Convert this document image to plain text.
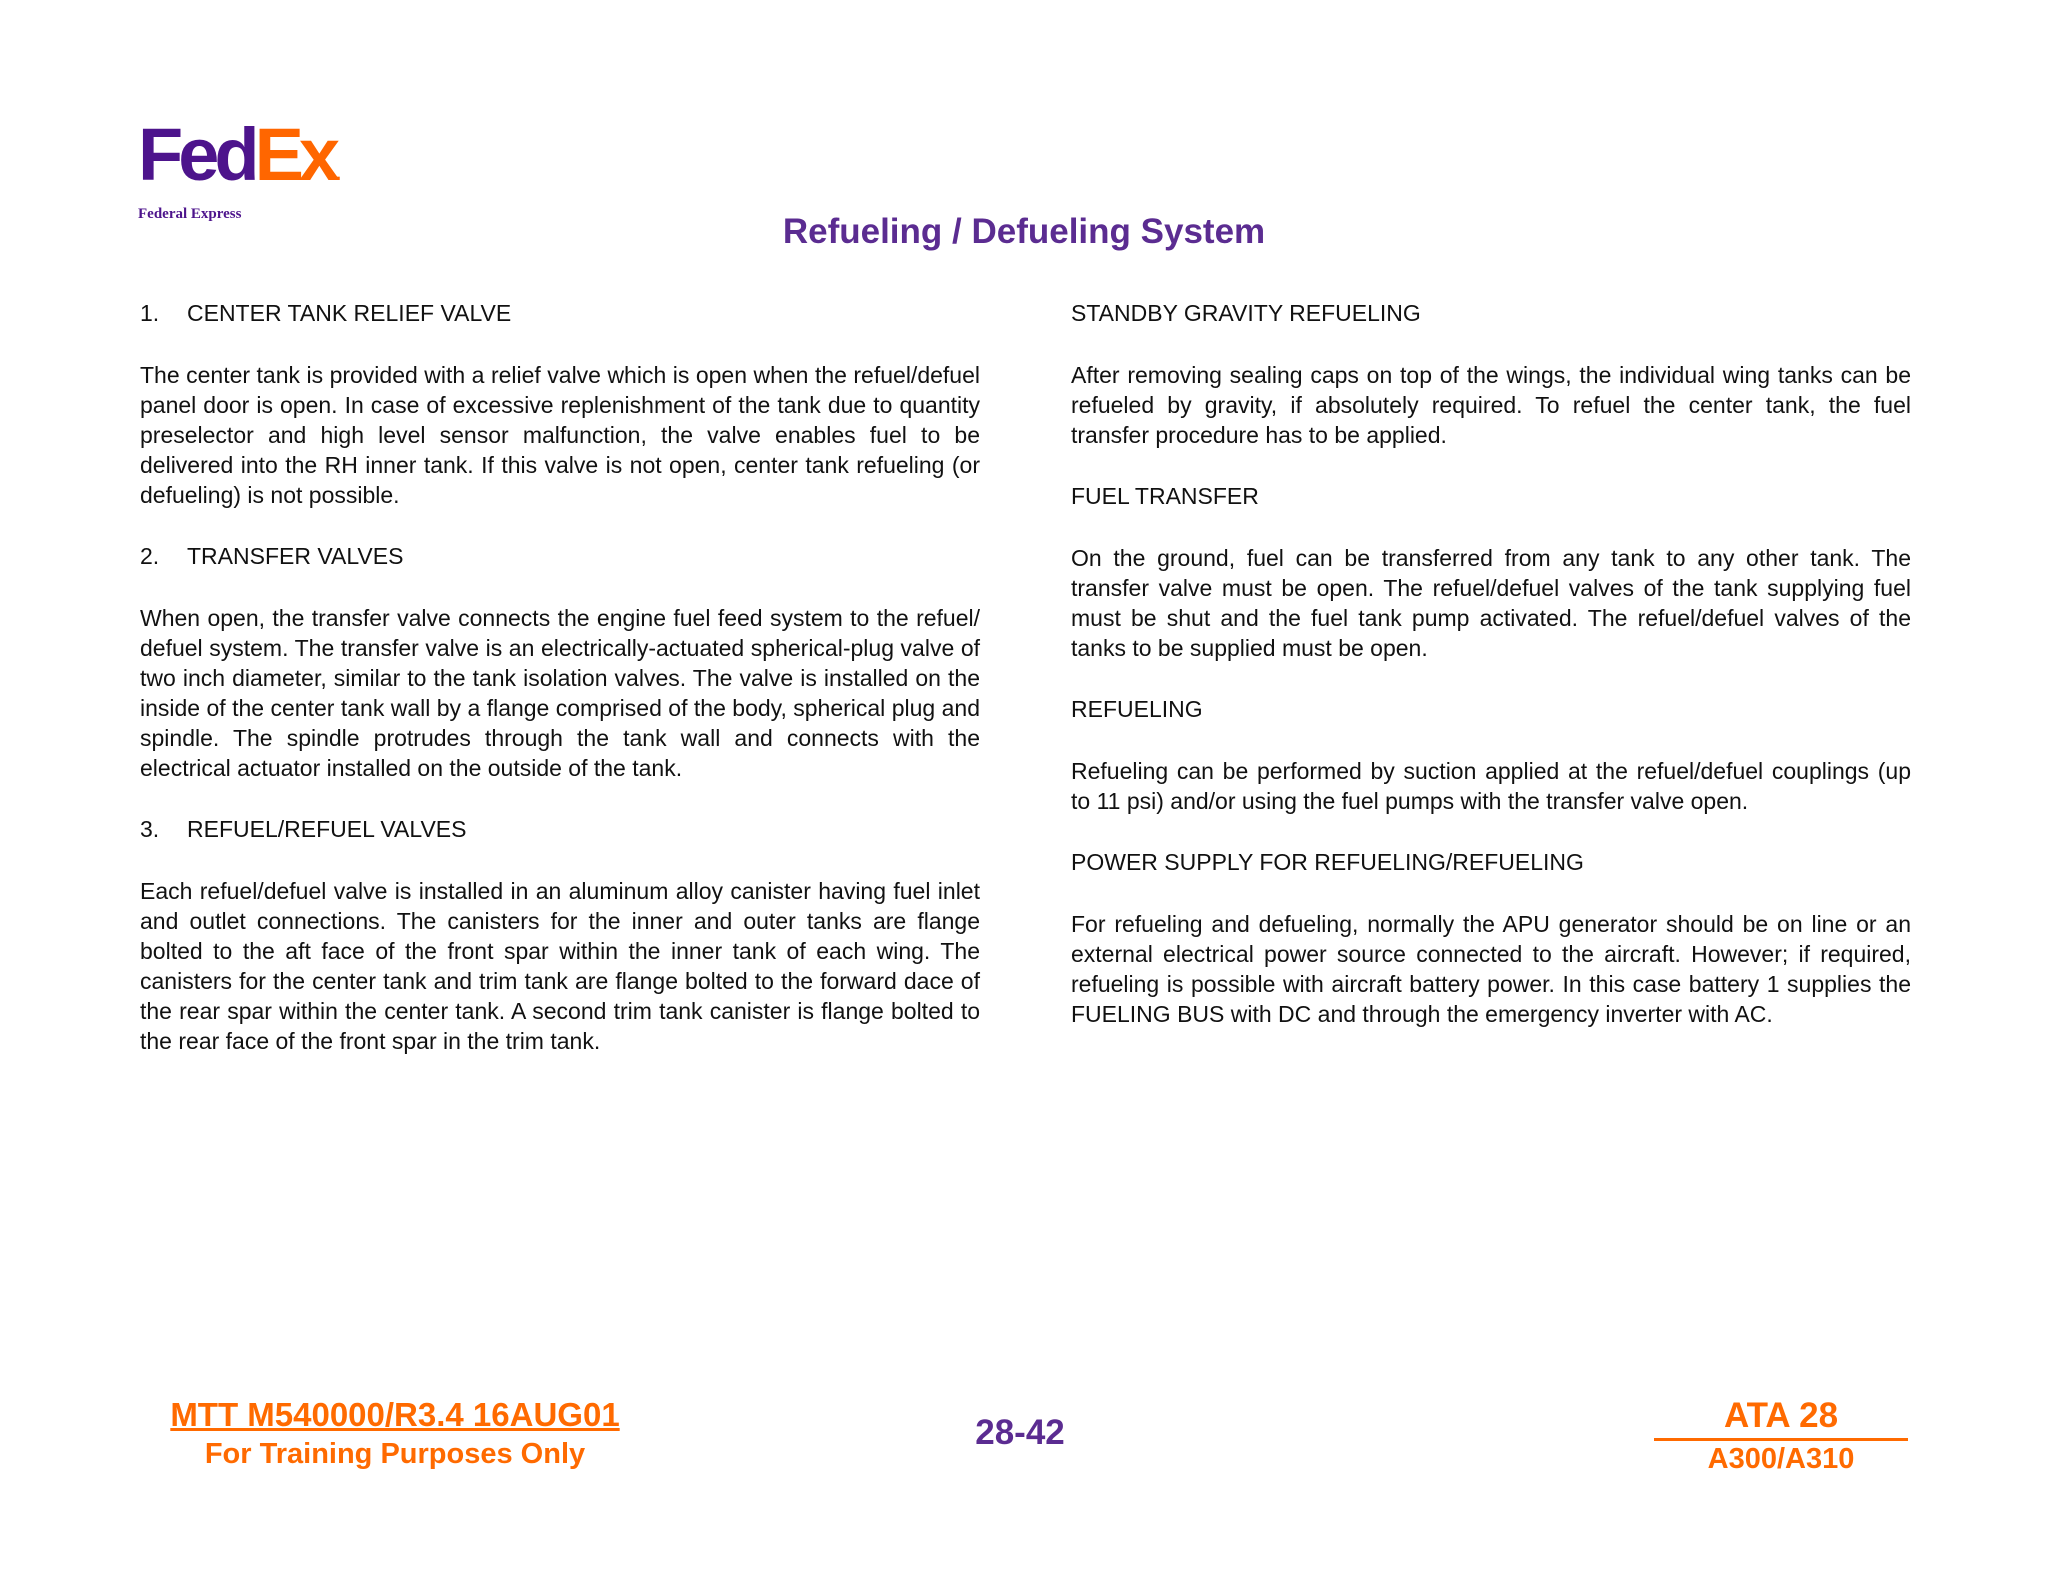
FedEx.
Federal Express	Refueling / Defueling System
1. CENTER TANK RELIEF VALVE
The center tank is provided with a relief valve which is open when the refuel/defuel panel door is open. In case of excessive replenishment of the tank due to quantity preselector and high level sensor malfunction, the valve enables fuel to be delivered into the RH inner tank. If this valve is not open, center tank refueling (or defueling) is not possible.
2. TRANSFER VALVES
When open, the transfer valve connects the engine fuel feed system to the refuel/ defuel system. The transfer valve is an electrically-actuated spherical-plug valve of two inch diameter, similar to the tank isolation valves. The valve is installed on the inside of the center tank wall by a flange comprised of the body, spherical plug and spindle. The spindle protrudes through the tank wall and connects with the electrical actuator installed on the outside of the tank.
3. REFUEL/REFUEL VALVES
Each refuel/defuel valve is installed in an aluminum alloy canister having fuel inlet and outlet connections. The canisters for the inner and outer tanks are flange bolted to the aft face of the front spar within the inner tank of each wing. The canisters for the center tank and trim tank are flange bolted to the forward dace of the rear spar within the center tank. A second trim tank canister is flange bolted to the rear face of the front spar in the trim tank.
STANDBY GRAVITY REFUELING
After removing sealing caps on top of the wings, the individual wing tanks can be refueled by gravity, if absolutely required. To refuel the center tank, the fuel transfer procedure has to be applied.
FUEL TRANSFER
On the ground, fuel can be transferred from any tank to any other tank. The transfer valve must be open. The refuel/defuel valves of the tank supplying fuel must be shut and the fuel tank pump activated. The refuel/defuel valves of the tanks to be supplied must be open.
REFUELING
Refueling can be performed by suction applied at the refuel/defuel couplings (up to 11 psi) and/or using the fuel pumps with the transfer valve open.
POWER SUPPLY FOR REFUELING/REFUELING
For refueling and defueling, normally the APU generator should be on line or an external electrical power source connected to the aircraft. However; if required, refueling is possible with aircraft battery power. In this case battery 1 supplies the FUELING BUS with DC and through the emergency inverter with AC.
MTT M540000/R3.4 16AUG01
For Training Purposes Only
28-42	ATA 28
A300/A310
